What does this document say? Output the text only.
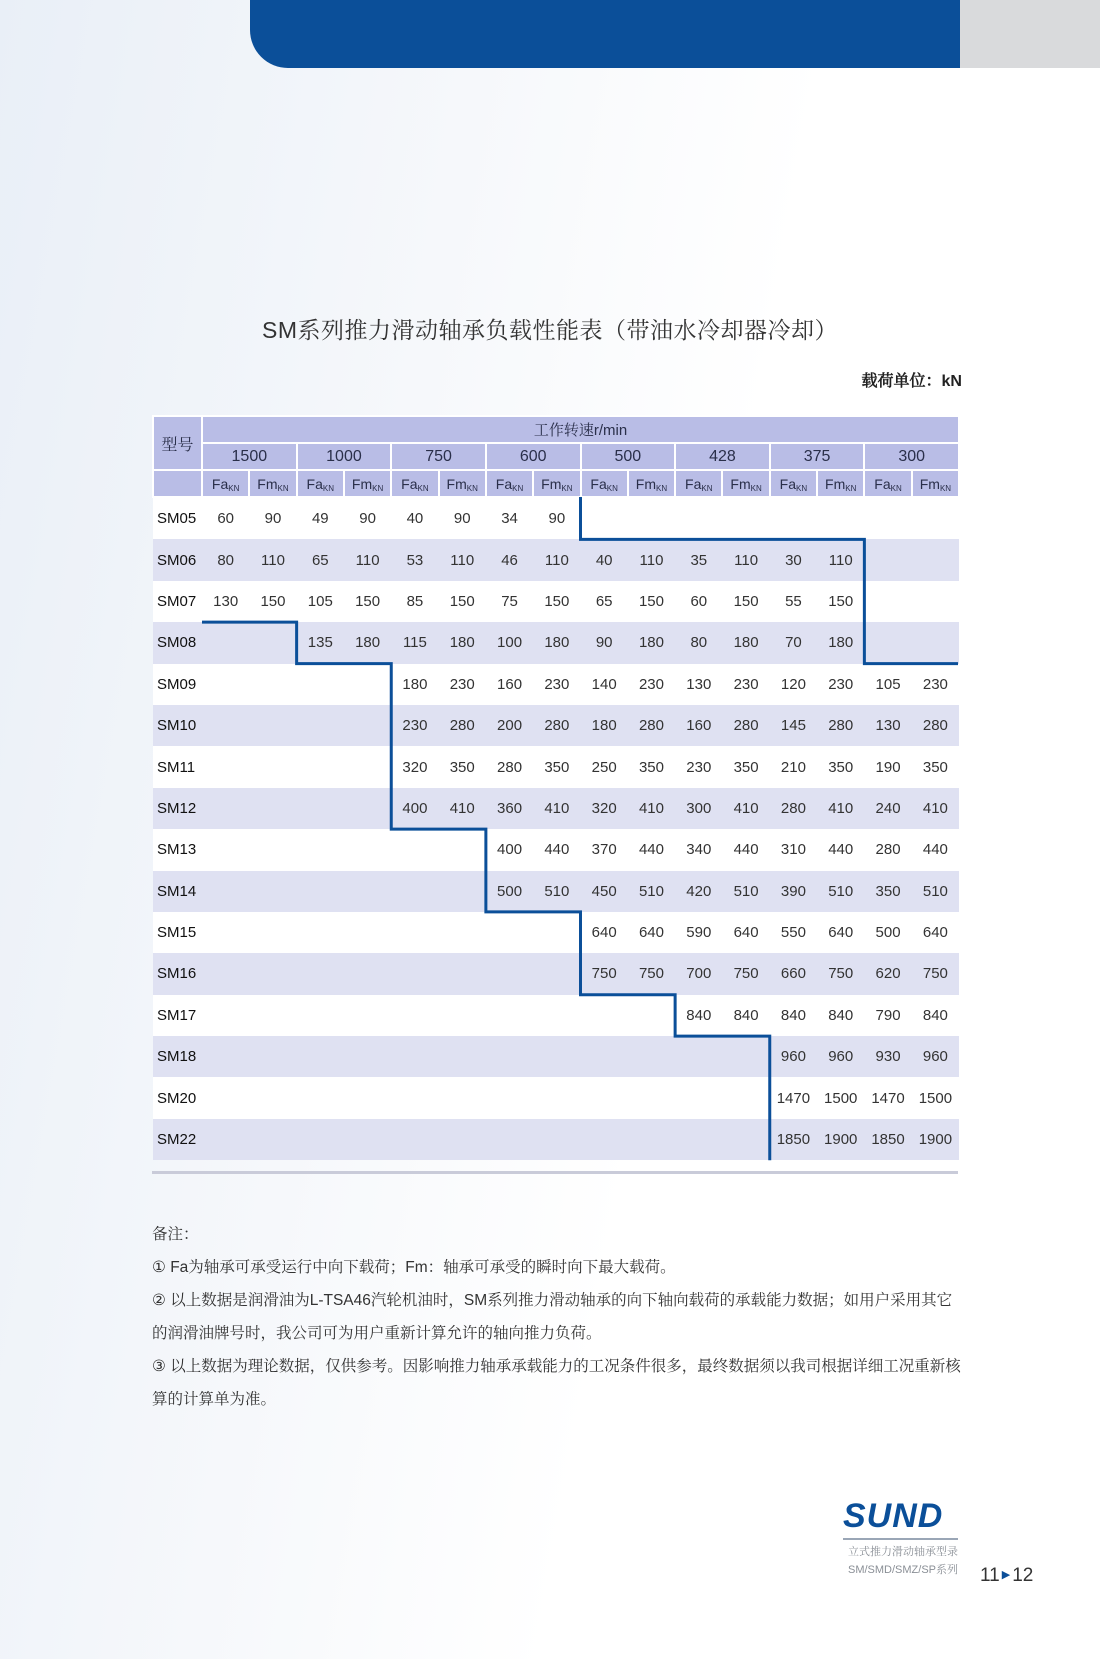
SM系列推力滑动轴承负载性能表（带油水冷却器冷却）
载荷单位：kN
型号	工作转速r/min															
	1500		1000		750		600		500		428		375		300	
	$Fa_{KN}$	$Fm_{KN}$	$Fa_{KN}$	$Fm_{KN}$	$Fa_{KN}$	$Fm_{KN}$	$Fa_{KN}$	$Fm_{KN}$	$Fa_{KN}$	$Fm_{KN}$	$Fa_{KN}$	$Fm_{KN}$	$Fa_{KN}$	$Fm_{KN}$	$Fa_{KN}$	$Fm_{KN}$
SM05	60	90	49	90	40	90	34	90								
SM06	80	110	65	110	53	110	46	110	40	110	35	110	30	110		
SM07	130	150	105	150	85	150	75	150	65	150	60	150	55	150		
SM08			135	180	115	180	100	180	90	180	80	180	70	180		
SM09					180	230	160	230	140	230	130	230	120	230	105	230
SM10					230	280	200	280	180	280	160	280	145	280	130	280
SM11					320	350	280	350	250	350	230	350	210	350	190	350
SM12					400	410	360	410	320	410	300	410	280	410	240	410
SM13							400	440	370	440	340	440	310	440	280	440
SM14							500	510	450	510	420	510	390	510	350	510
SM15									640	640	590	640	550	640	500	640
SM16									750	750	700	750	660	750	620	750
SM17											840	840	840	840	790	840
SM18													960	960	930	960
SM20													1470	1500	1470	1500
SM22													1850	1900	1850	1900

备注：

① Fa为轴承可承受运行中向下载荷；Fm：轴承可承受的瞬时向下最大载荷。

② 以上数据是润滑油为L-TSA46汽轮机油时，SM系列推力滑动轴承的向下轴向载荷的承载能力数据；如用户采用其它的润滑油牌号时，我公司可为用户重新计算允许的轴向推力负荷。

③ 以上数据为理论数据，仅供参考。因影响推力轴承承载能力的工况条件很多，最终数据须以我司根据详细工况重新核算的计算单为准。

SUND
立式推力滑动轴承型录
SM/SMD/SMZ/SP系列 11 ▶ 12
